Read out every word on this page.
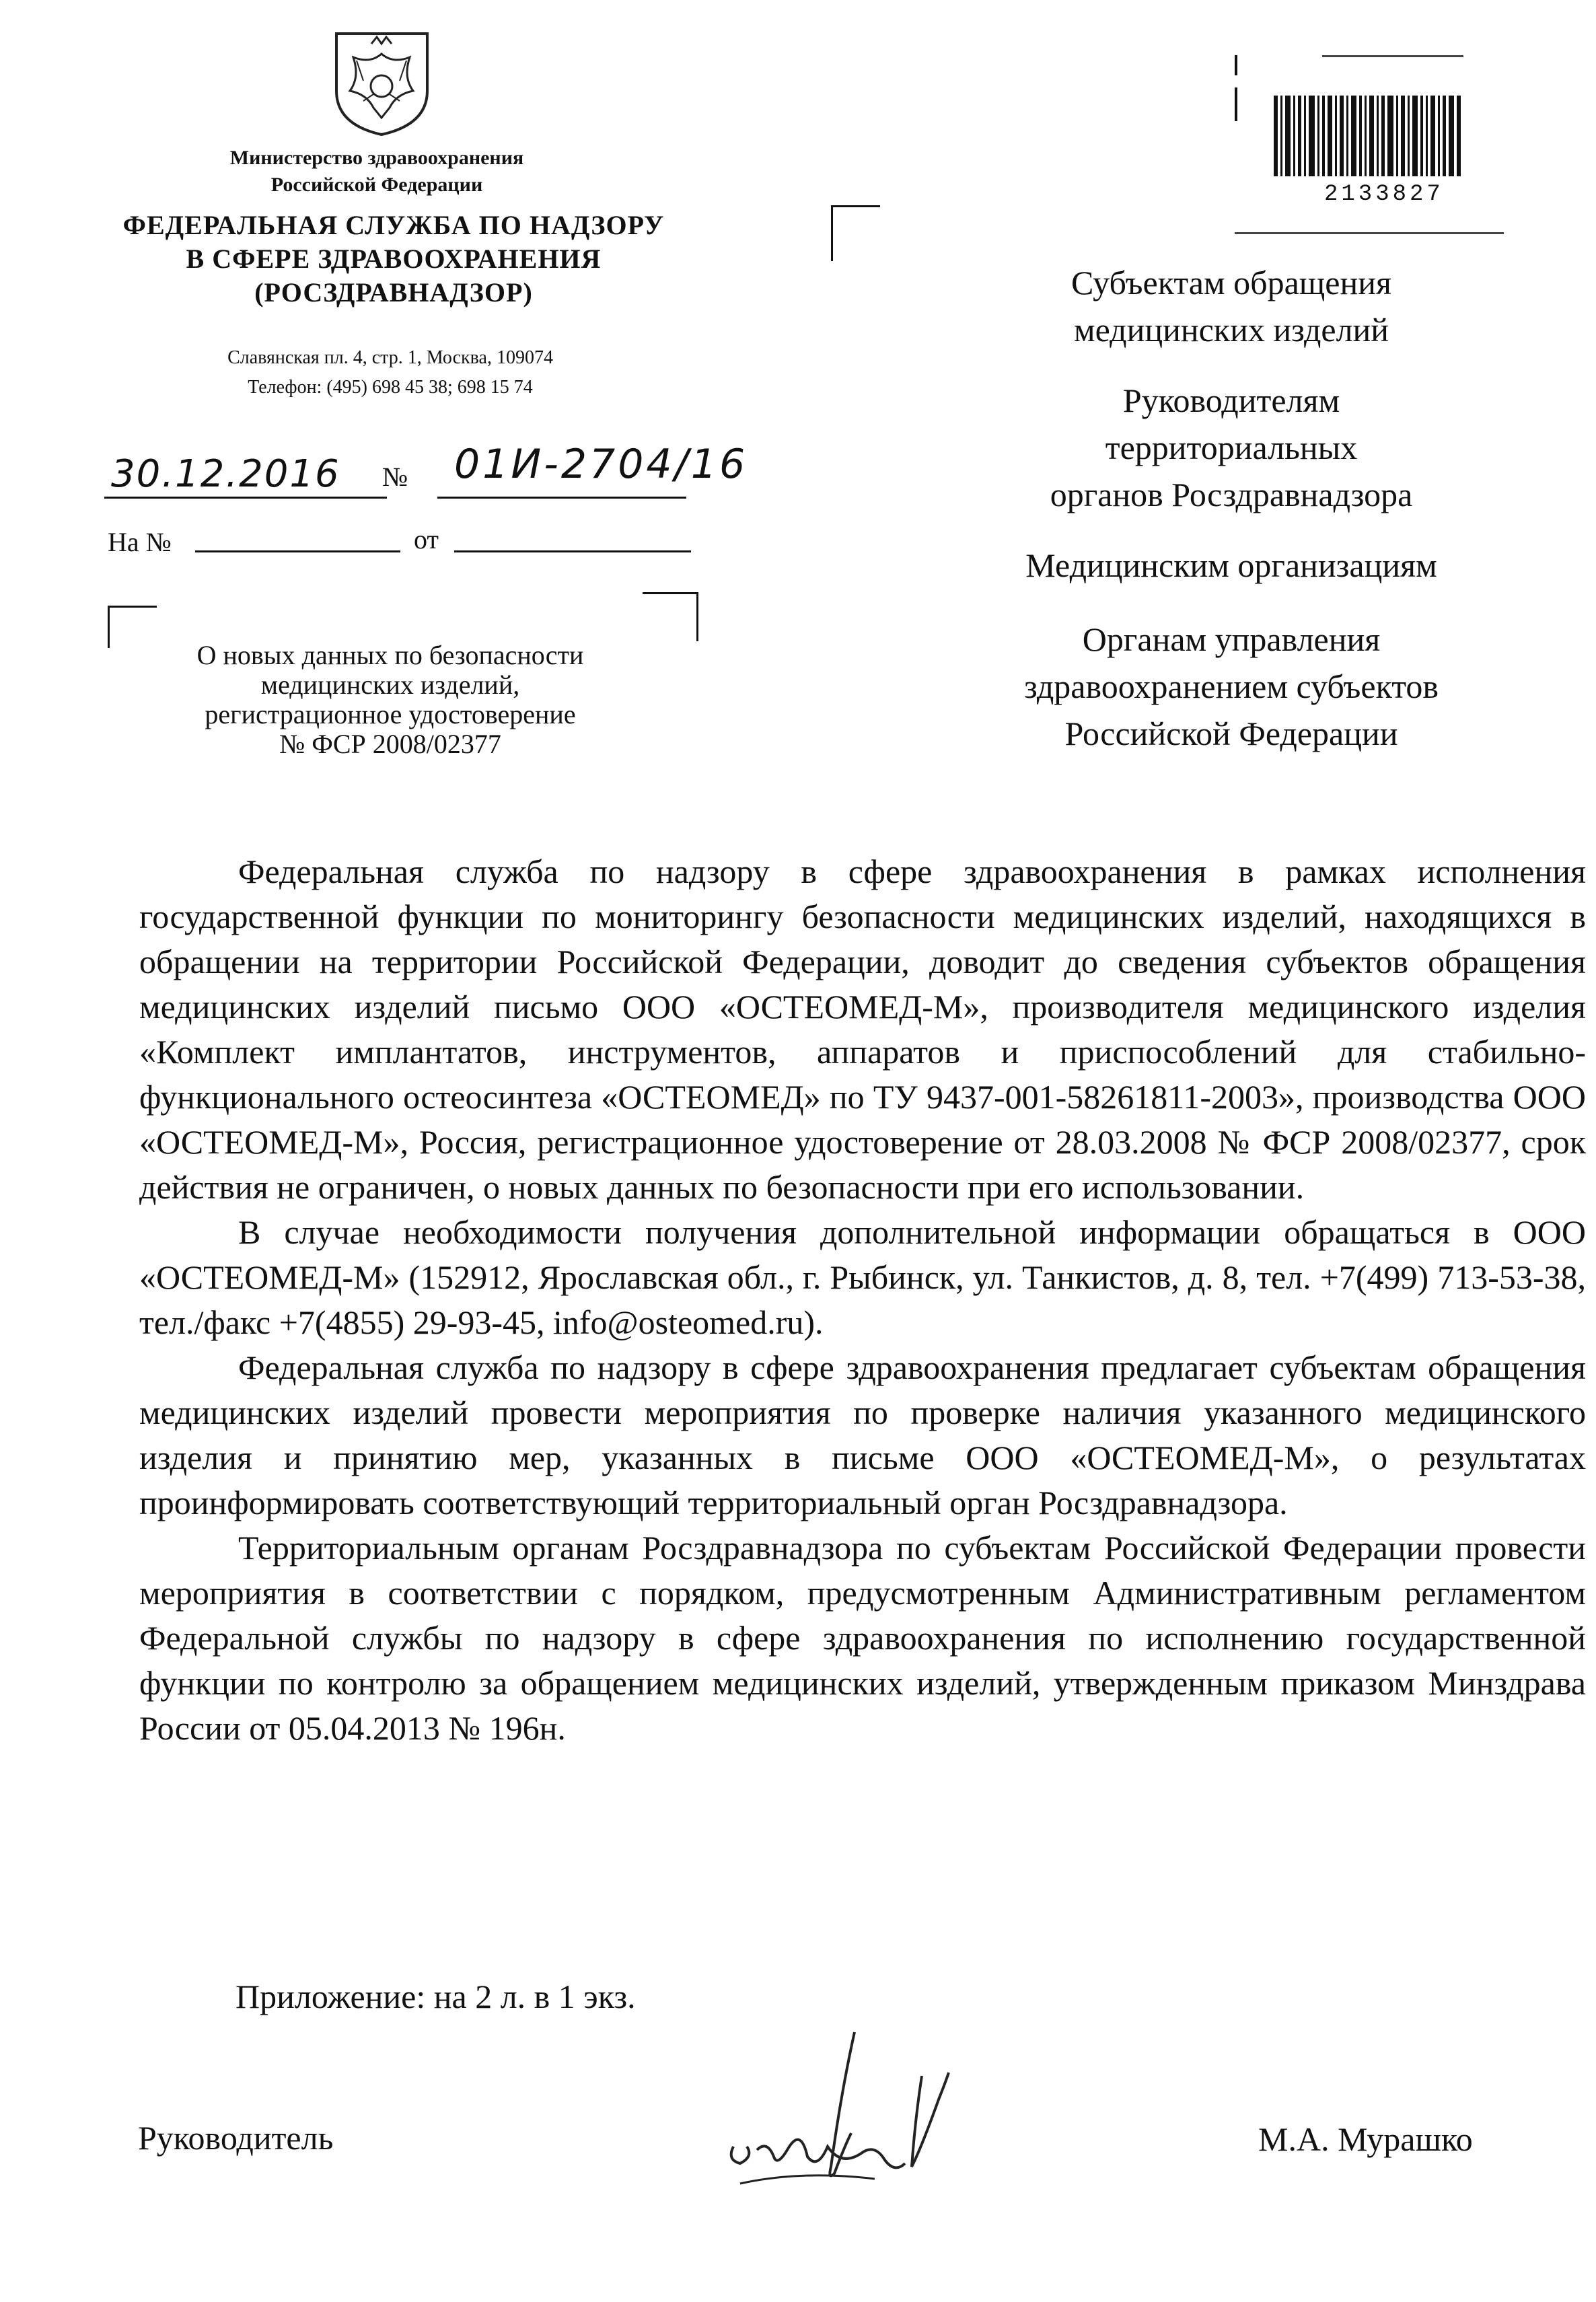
Министерство здравоохранения
Российской Федерации
ФЕДЕРАЛЬНАЯ СЛУЖБА ПО НАДЗОРУ
В СФЕРЕ ЗДРАВООХРАНЕНИЯ
(РОСЗДРАВНАДЗОР)
Славянская пл. 4, стр. 1, Москва, 109074
Телефон: (495) 698 45 38; 698 15 74
30.12.2016 № 01И-2704/16
На №	от
О новых данных по безопасности
медицинских изделий,
регистрационное удостоверение
№ ФСР 2008/02377
2133827
Субъектам обращения
медицинских изделий
Руководителям
территориальных
органов Росздравнадзора
Медицинским организациям
Органам управления
здравоохранением субъектов
Российской Федерации

Федеральная служба по надзору в сфере здравоохранения в рамках исполнения государственной функции по мониторингу безопасности медицинских изделий, находящихся в обращении на территории Российской Федерации, доводит до сведения субъектов обращения медицинских изделий письмо ООО «ОСТЕОМЕД-М», производителя медицинского изделия «Комплект имплантатов, инструментов, аппаратов и приспособлений для стабильно-функционального остеосинтеза «ОСТЕОМЕД» по ТУ 9437-001-58261811-2003», производства ООО «ОСТЕОМЕД-М», Россия, регистрационное удостоверение от 28.03.2008 № ФСР 2008/02377, срок действия не ограничен, о новых данных по безопасности при его использовании.

В случае необходимости получения дополнительной информации обращаться в ООО «ОСТЕОМЕД-М» (152912, Ярославская обл., г. Рыбинск, ул. Танкистов, д. 8, тел. +7(499) 713-53-38, тел./факс +7(4855) 29-93-45, info@osteomed.ru).

Федеральная служба по надзору в сфере здравоохранения предлагает субъектам обращения медицинских изделий провести мероприятия по проверке наличия указанного медицинского изделия и принятию мер, указанных в письме ООО «ОСТЕОМЕД-М», о результатах проинформировать соответствующий территориальный орган Росздравнадзора.

Территориальным органам Росздравнадзора по субъектам Российской Федерации провести мероприятия в соответствии с порядком, предусмотренным Административным регламентом Федеральной службы по надзору в сфере здравоохранения по исполнению государственной функции по контролю за обращением медицинских изделий, утвержденным приказом Минздрава России от 05.04.2013 № 196н.

Приложение: на 2 л. в 1 экз.
Руководитель	М.А. Мурашко
